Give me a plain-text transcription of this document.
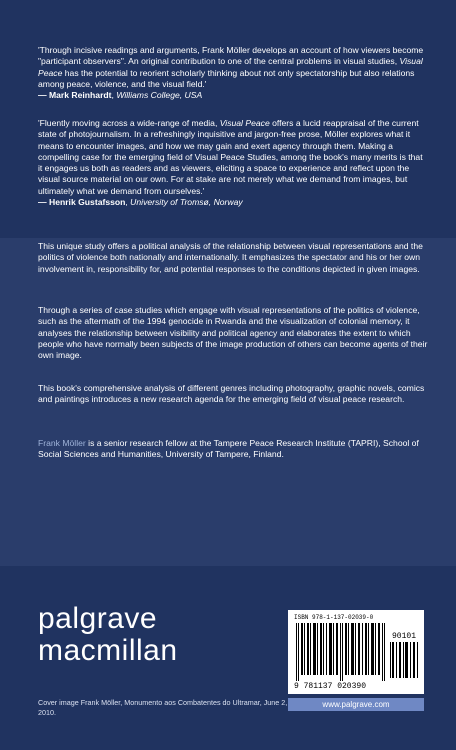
'Through incisive readings and arguments, Frank Möller develops an account of how viewers become "participant observers". An original contribution to one of the central problems in visual studies, Visual Peace has the potential to reorient scholarly thinking about not only spectatorship but also relations among peace, violence, and the visual field.'
— Mark Reinhardt, Williams College, USA
'Fluently moving across a wide-range of media, Visual Peace offers a lucid reappraisal of the current state of photojournalism. In a refreshingly inquisitive and jargon-free prose, Möller explores what it means to encounter images, and how we may gain and exert agency through them. Making a compelling case for the emerging field of Visual Peace Studies, among the book's many merits is that it engages us both as readers and as viewers, eliciting a space to experience and reflect upon the visual source material on our own. For at stake are not merely what we demand from images, but ultimately what we demand from ourselves.'
— Henrik Gustafsson, University of Tromsø, Norway
This unique study offers a political analysis of the relationship between visual representations and the politics of violence both nationally and internationally. It emphasizes the spectator and his or her own involvement in, responsibility for, and potential responses to the conditions depicted in given images.
Through a series of case studies which engage with visual representations of the politics of violence, such as the aftermath of the 1994 genocide in Rwanda and the visualization of colonial memory, it analyses the relationship between visibility and political agency and elaborates the extent to which people who have normally been subjects of the image production of others can become agents of their own image.
This book's comprehensive analysis of different genres including photography, graphic novels, comics and paintings introduces a new research agenda for the emerging field of visual peace research.
Frank Möller is a senior research fellow at the Tampere Peace Research Institute (TAPRI), School of Social Sciences and Humanities, University of Tampere, Finland.
palgrave
macmillan
ISBN 978-1-137-02039-0
90101
9 781137 020390
Cover image Frank Möller, Monumento aos Combatentes do Ultramar, June 2, 2010.
www.palgrave.com
